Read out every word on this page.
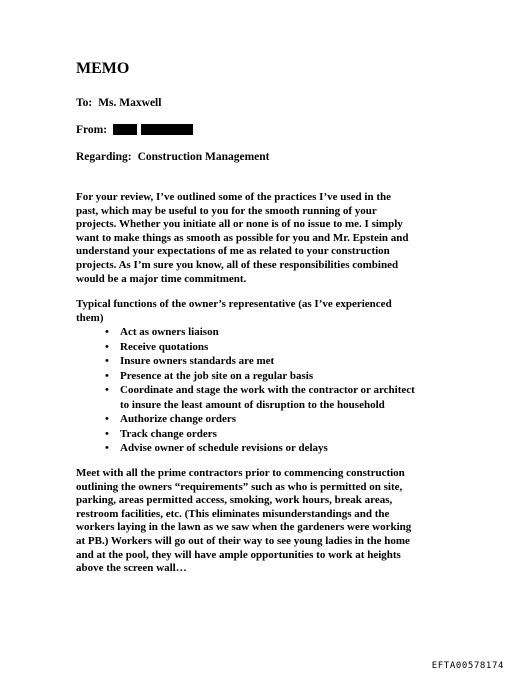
MEMO
To: Ms. Maxwell
From:
Regarding: Construction Management
For your review, I’ve outlined some of the practices I’ve used in the
past, which may be useful to you for the smooth running of your
projects. Whether you initiate all or none is of no issue to me. I simply
want to make things as smooth as possible for you and Mr. Epstein and
understand your expectations of me as related to your construction
projects. As I’m sure you know, all of these responsibilities combined
would be a major time commitment.
Typical functions of the owner’s representative (as I’ve experienced
them)
• Act as owners liaison
• Receive quotations
• Insure owners standards are met
• Presence at the job site on a regular basis
• Coordinate and stage the work with the contractor or architect
to insure the least amount of disruption to the household
• Authorize change orders
• Track change orders
• Advise owner of schedule revisions or delays
Meet with all the prime contractors prior to commencing construction
outlining the owners “requirements” such as who is permitted on site,
parking, areas permitted access, smoking, work hours, break areas,
restroom facilities, etc. (This eliminates misunderstandings and the
workers laying in the lawn as we saw when the gardeners were working
at PB.) Workers will go out of their way to see young ladies in the home
and at the pool, they will have ample opportunities to work at heights
above the screen wall…
EFTA00578174
